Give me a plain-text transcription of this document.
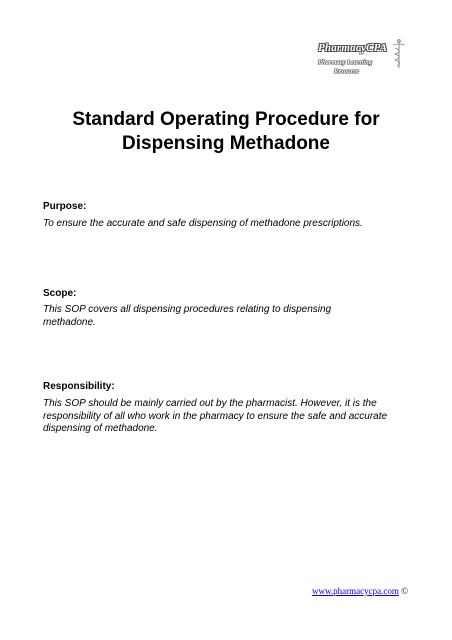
PharmacyCPA
Pharmacy Learning
Resource
Standard Operating Procedure for
Dispensing Methadone

Purpose:

To ensure the accurate and safe dispensing of methadone prescriptions.

Scope:

This SOP covers all dispensing procedures relating to dispensing methadone.

Responsibility:

This SOP should be mainly carried out by the pharmacist. However, it is the responsibility of all who work in the pharmacy to ensure the safe and accurate dispensing of methadone.

www.pharmacycpa.com ©
